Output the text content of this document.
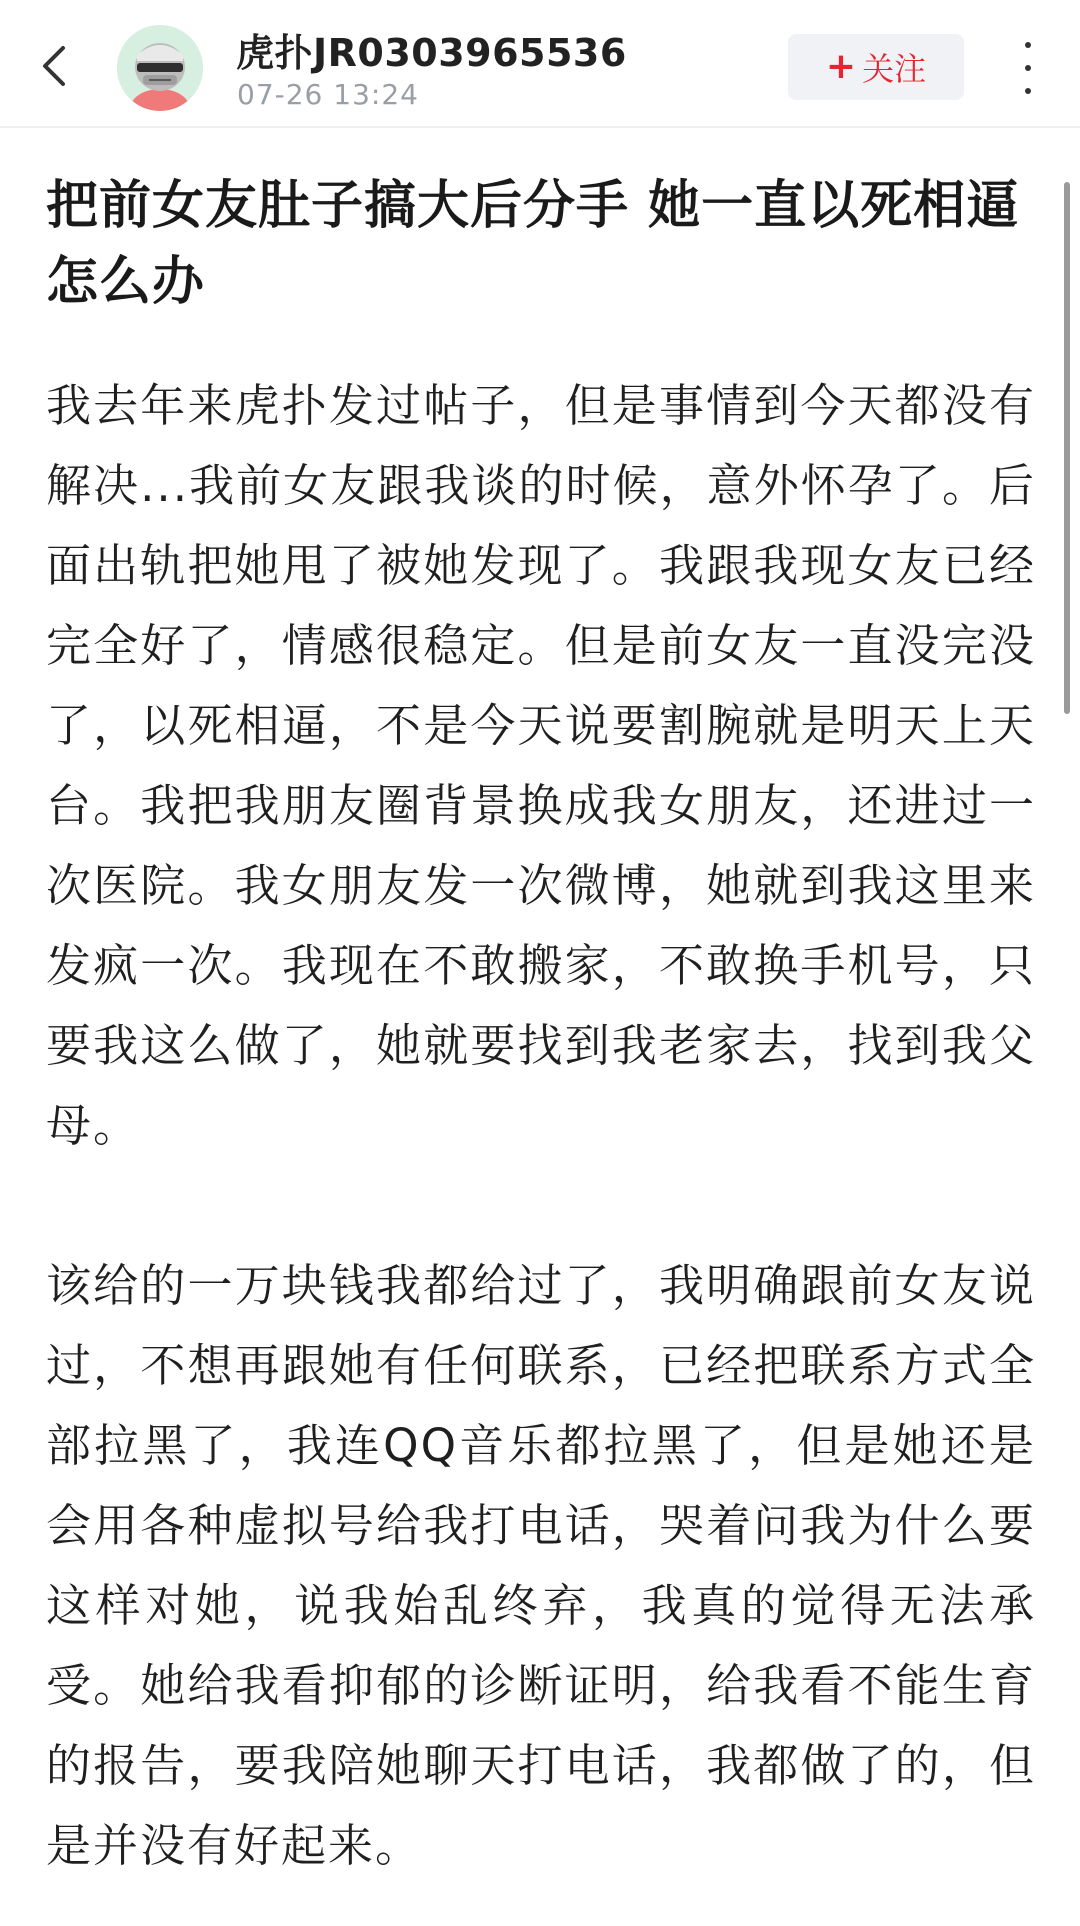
虎扑JR0303965536
07-26 13:24
+ 关注
把前女友肚子搞大后分手 她一直以死相逼怎么办

我去年来虎扑发过帖子，但是事情到今天都没有解决...我前女友跟我谈的时候，意外怀孕了。后面出轨把她甩了被她发现了。我跟我现女友已经完全好了，情感很稳定。但是前女友一直没完没了，以死相逼，不是今天说要割腕就是明天上天台。我把我朋友圈背景换成我女朋友，还进过一次医院。我女朋友发一次微博，她就到我这里来发疯一次。我现在不敢搬家，不敢换手机号，只要我这么做了，她就要找到我老家去，找到我父母。

该给的一万块钱我都给过了，我明确跟前女友说过，不想再跟她有任何联系，已经把联系方式全部拉黑了，我连QQ音乐都拉黑了，但是她还是会用各种虚拟号给我打电话，哭着问我为什么要这样对她，说我始乱终弃，我真的觉得无法承受。她给我看抑郁的诊断证明，给我看不能生育的报告，要我陪她聊天打电话，我都做了的，但是并没有好起来。
